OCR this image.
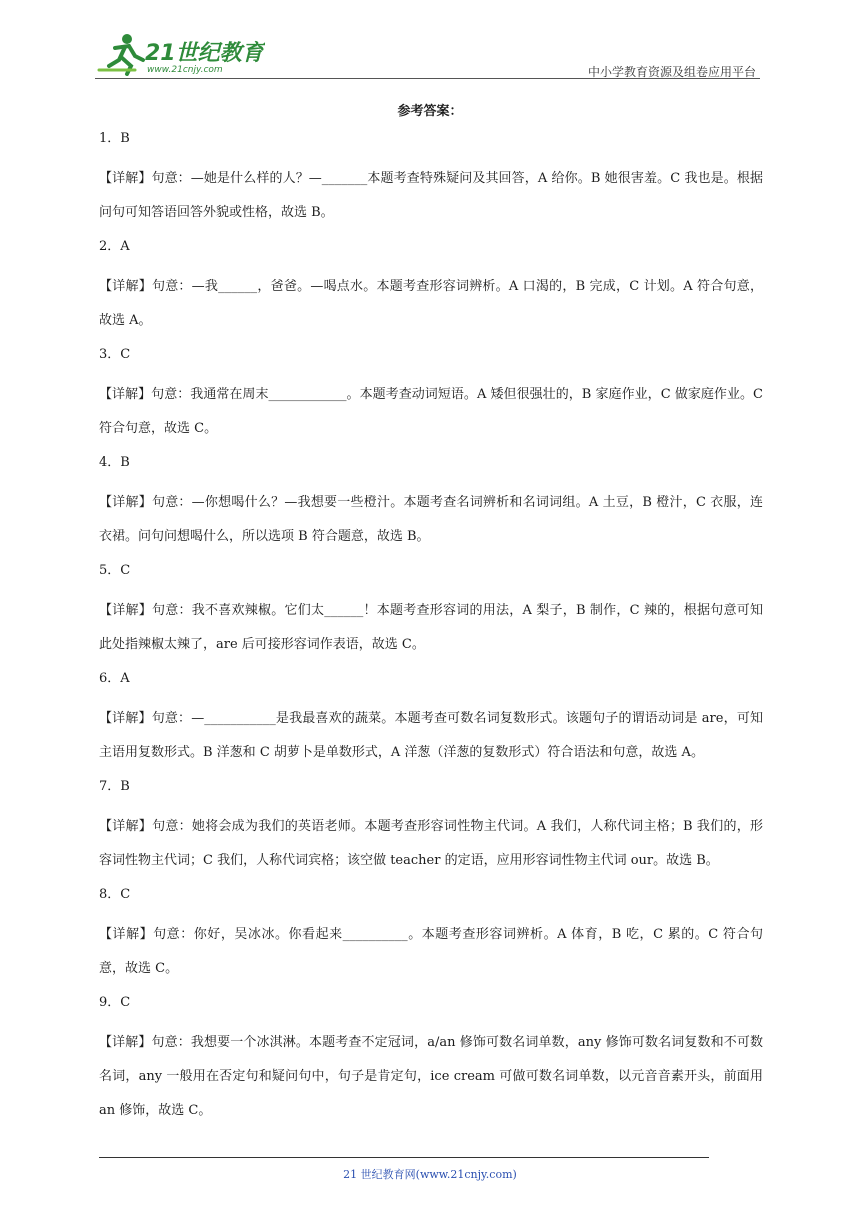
21世纪教育
www.21cnjy.com	中小学教育资源及组卷应用平台
参考答案：

1．B

【详解】句意：—她是什么样的人？—_______本题考查特殊疑问及其回答，A 给你。B 她很害羞。C 我也是。根据问句可知答语回答外貌或性格，故选 B。

2．A

【详解】句意：—我______，爸爸。—喝点水。本题考查形容词辨析。A 口渴的，B 完成，C 计划。A 符合句意，故选 A。

3．C

【详解】句意：我通常在周末____________。本题考查动词短语。A 矮但很强壮的，B 家庭作业，C 做家庭作业。C 符合句意，故选 C。

4．B

【详解】句意：—你想喝什么？—我想要一些橙汁。本题考查名词辨析和名词词组。A 土豆，B 橙汁，C 衣服，连衣裙。问句问想喝什么，所以选项 B 符合题意，故选 B。

5．C

【详解】句意：我不喜欢辣椒。它们太______！本题考查形容词的用法，A 梨子，B 制作，C 辣的，根据句意可知此处指辣椒太辣了，are 后可接形容词作表语，故选 C。

6．A

【详解】句意：—___________是我最喜欢的蔬菜。本题考查可数名词复数形式。该题句子的谓语动词是 are，可知主语用复数形式。B 洋葱和 C 胡萝卜是单数形式，A 洋葱（洋葱的复数形式）符合语法和句意，故选 A。

7．B

【详解】句意：她将会成为我们的英语老师。本题考查形容词性物主代词。A 我们，人称代词主格；B 我们的，形容词性物主代词；C 我们，人称代词宾格；该空做 teacher 的定语，应用形容词性物主代词 our。故选 B。

8．C

【详解】句意：你好，吴冰冰。你看起来__________。本题考查形容词辨析。A 体育，B 吃，C 累的。C 符合句意，故选 C。

9．C

【详解】句意：我想要一个冰淇淋。本题考查不定冠词，a/an 修饰可数名词单数，any 修饰可数名词复数和不可数名词，any 一般用在否定句和疑问句中，句子是肯定句，ice cream 可做可数名词单数，以元音音素开头，前面用 an 修饰，故选 C。

21 世纪教育网(www.21cnjy.com)
